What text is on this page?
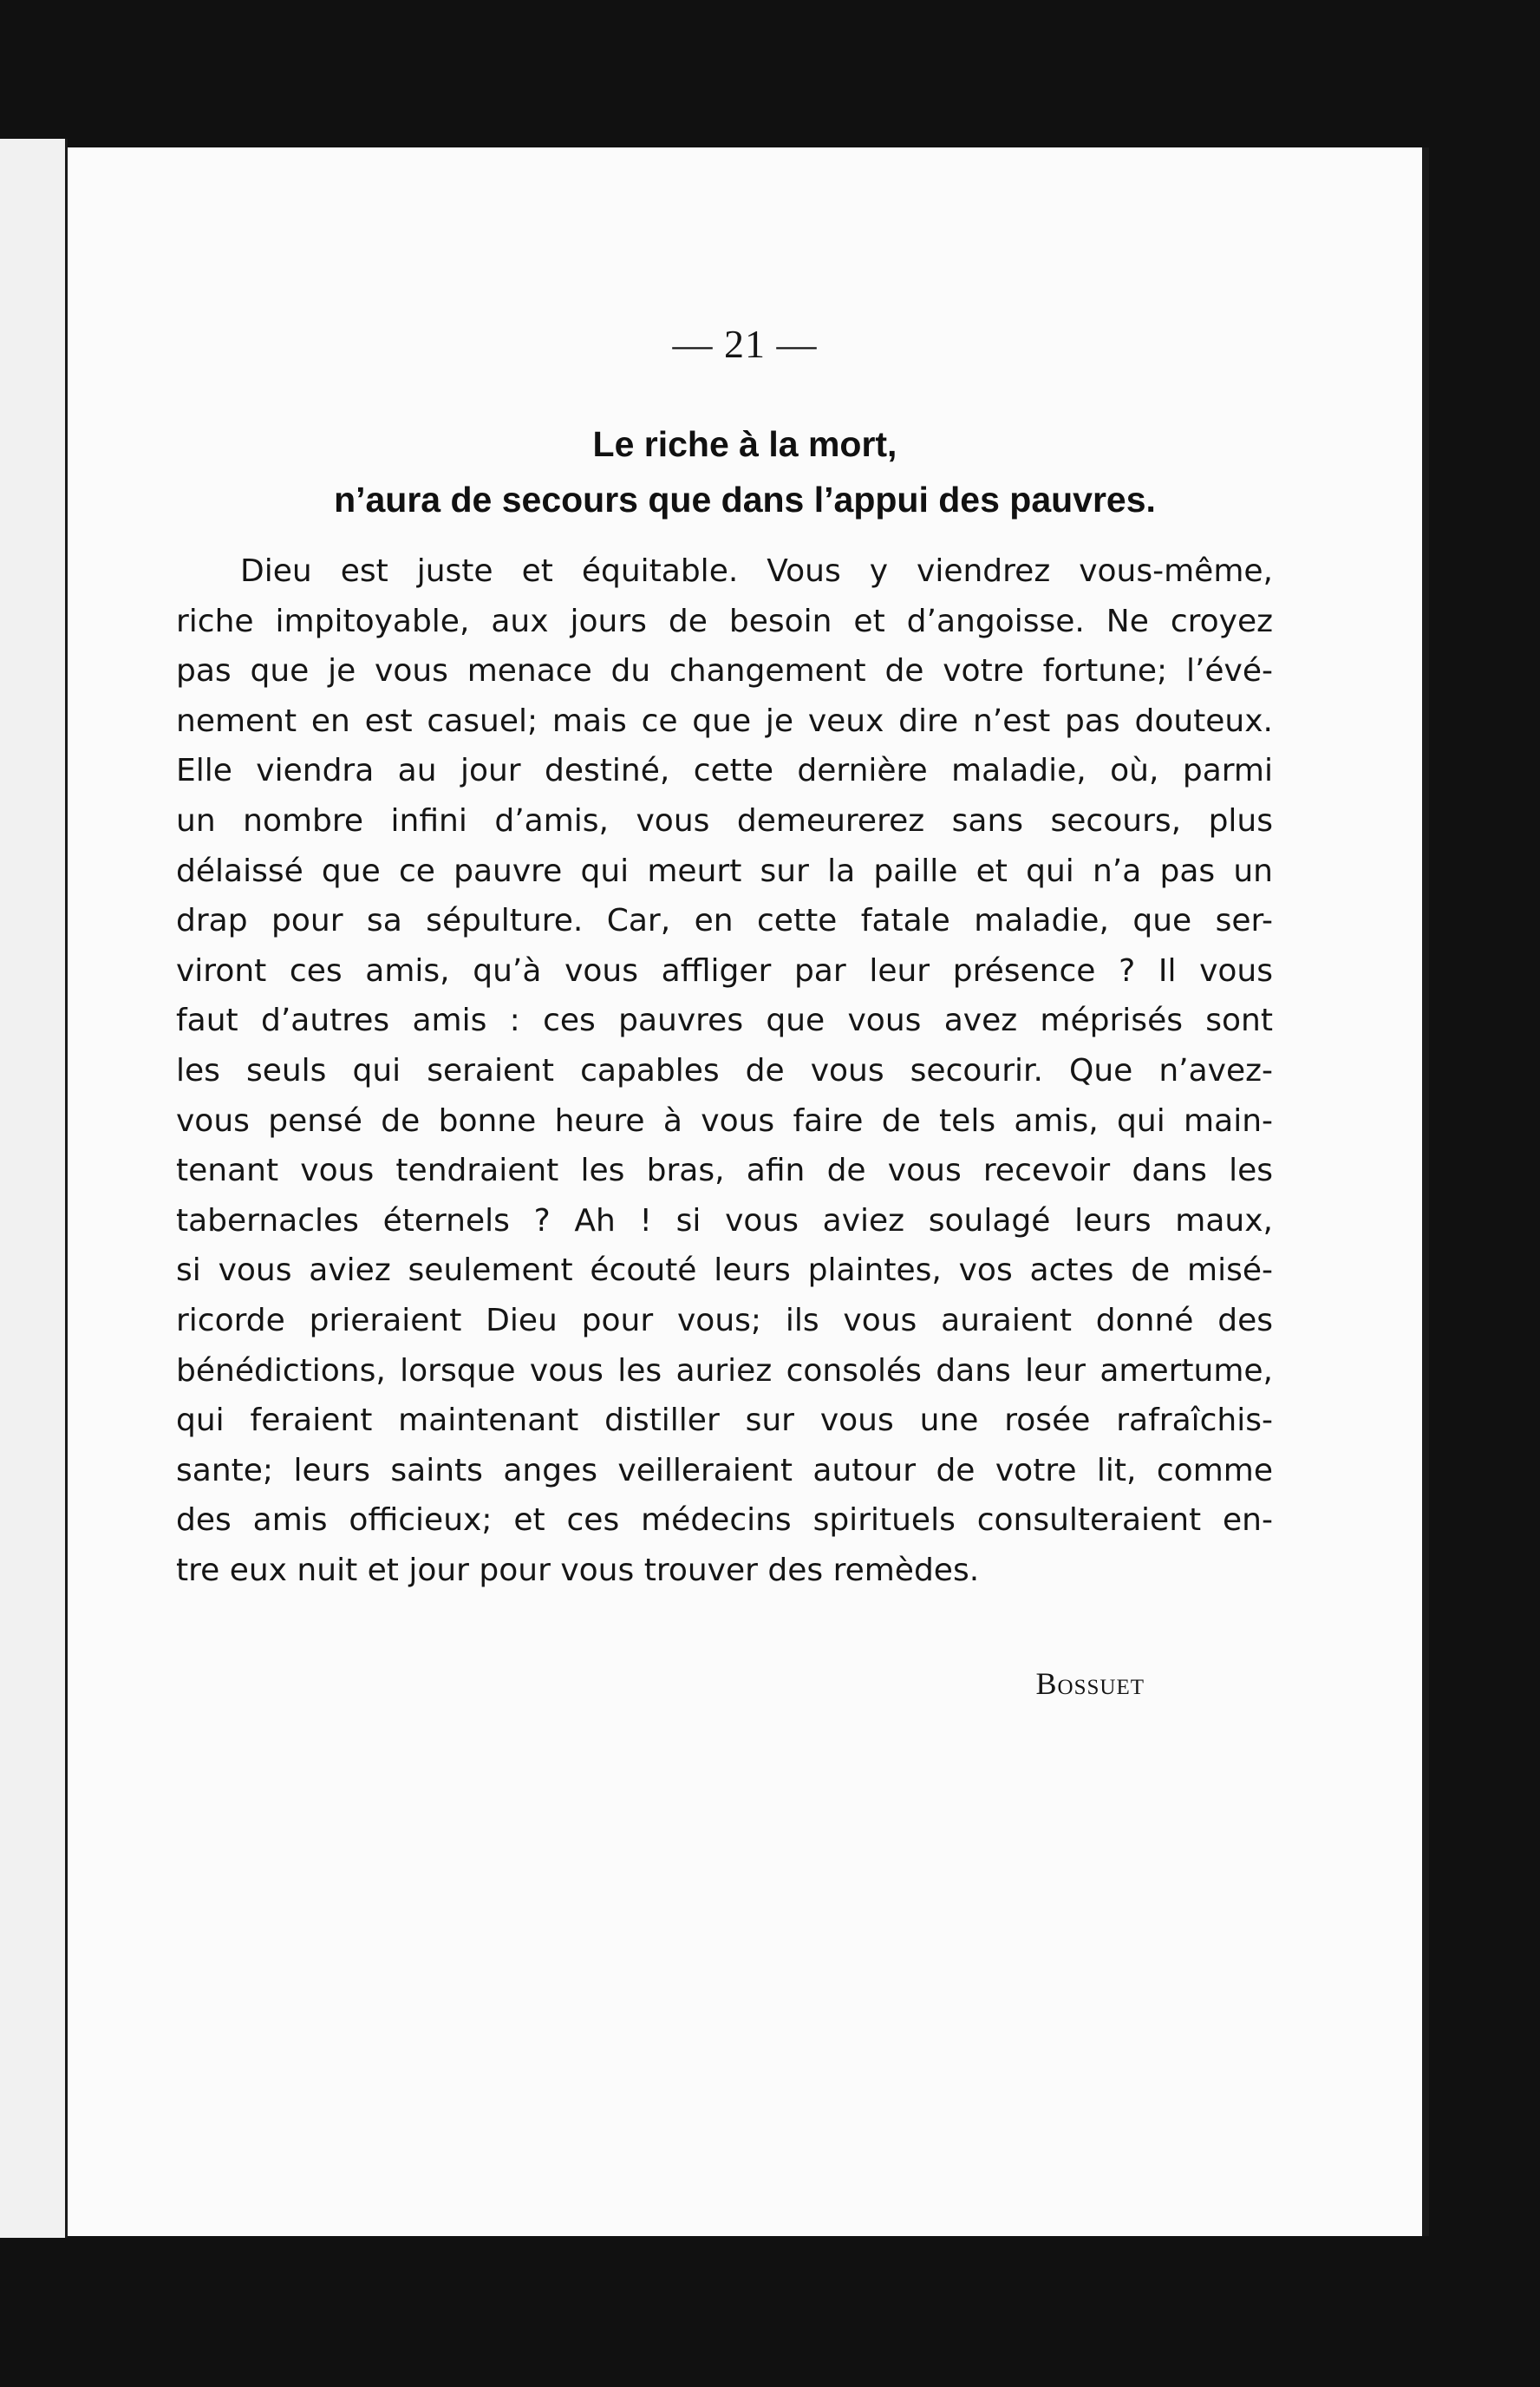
— 21 —
Le riche à la mort,
n’aura de secours que dans l’appui des pauvres.
Dieu est juste et équitable. Vous y viendrez vous-même,
riche impitoyable, aux jours de besoin et d’angoisse. Ne croyez
pas que je vous menace du changement de votre fortune; l’évé-
nement en est casuel; mais ce que je veux dire n’est pas douteux.
Elle viendra au jour destiné, cette dernière maladie, où, parmi
un nombre infini d’amis, vous demeurerez sans secours, plus
délaissé que ce pauvre qui meurt sur la paille et qui n’a pas un
drap pour sa sépulture. Car, en cette fatale maladie, que ser-
viront ces amis, qu’à vous affliger par leur présence ? Il vous
faut d’autres amis : ces pauvres que vous avez méprisés sont
les seuls qui seraient capables de vous secourir. Que n’avez-
vous pensé de bonne heure à vous faire de tels amis, qui main-
tenant vous tendraient les bras, afin de vous recevoir dans les
tabernacles éternels ? Ah ! si vous aviez soulagé leurs maux,
si vous aviez seulement écouté leurs plaintes, vos actes de misé-
ricorde prieraient Dieu pour vous; ils vous auraient donné des
bénédictions, lorsque vous les auriez consolés dans leur amertume,
qui feraient maintenant distiller sur vous une rosée rafraîchis-
sante; leurs saints anges veilleraient autour de votre lit, comme
des amis officieux; et ces médecins spirituels consulteraient en-
tre eux nuit et jour pour vous trouver des remèdes.
Bossuet
